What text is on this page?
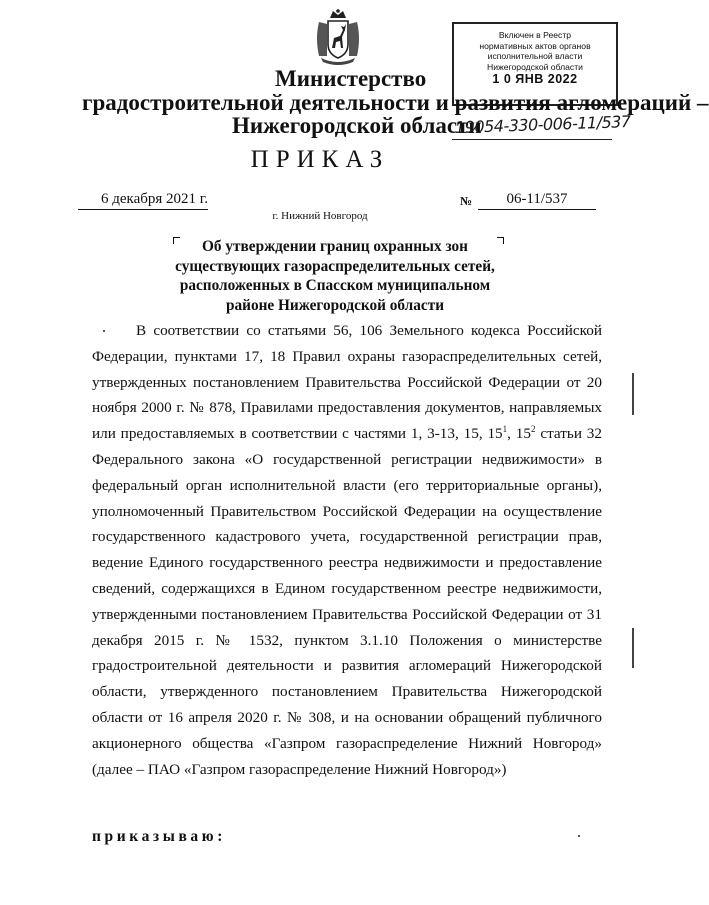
Включен в Реестр
нормативных актов органов
исполнительной власти
Нижегородской области
1 0 ЯНВ 2022
Министерство
градостроительной деятельности и развития агломераций –
Нижегородской области
19054-330-006-11/537
ПРИКАЗ
6 декабря 2021 г.	№	06-11/537
г. Нижний Новгород
Об утверждении границ охранных зон
существующих газораспределительных сетей,
расположенных в Спасском муниципальном
районе Нижегородской области
В соответствии со статьями 56, 106 Земельного кодекса Российской Федерации, пунктами 17, 18 Правил охраны газораспределительных сетей, утвержденных постановлением Правительства Российской Федерации от 20 ноября 2000 г. № 878, Правилами предоставления документов, направляемых или предоставляемых в соответствии с частями 1, 3-13, 15, $15^1$, $15^2$ статьи 32 Федерального закона «О государственной регистрации недвижимости» в федеральный орган исполнительной власти (его территориальные органы), уполномоченный Правительством Российской Федерации на осуществление государственного кадастрового учета, государственной регистрации прав, ведение Единого государственного реестра недвижимости и предоставление сведений, содержащихся в Едином государственном реестре недвижимости, утвержденными постановлением Правительства Российской Федерации от 31 декабря 2015 г. № 1532, пунктом 3.1.10 Положения о министерстве градостроительной деятельности и развития агломераций Нижегородской области, утвержденного постановлением Правительства Нижегородской области от 16 апреля 2020 г. № 308, и на основании обращений публичного акционерного общества «Газпром газораспределение Нижний Новгород» (далее – ПАО «Газпром газораспределение Нижний Новгород»)
приказываю:
